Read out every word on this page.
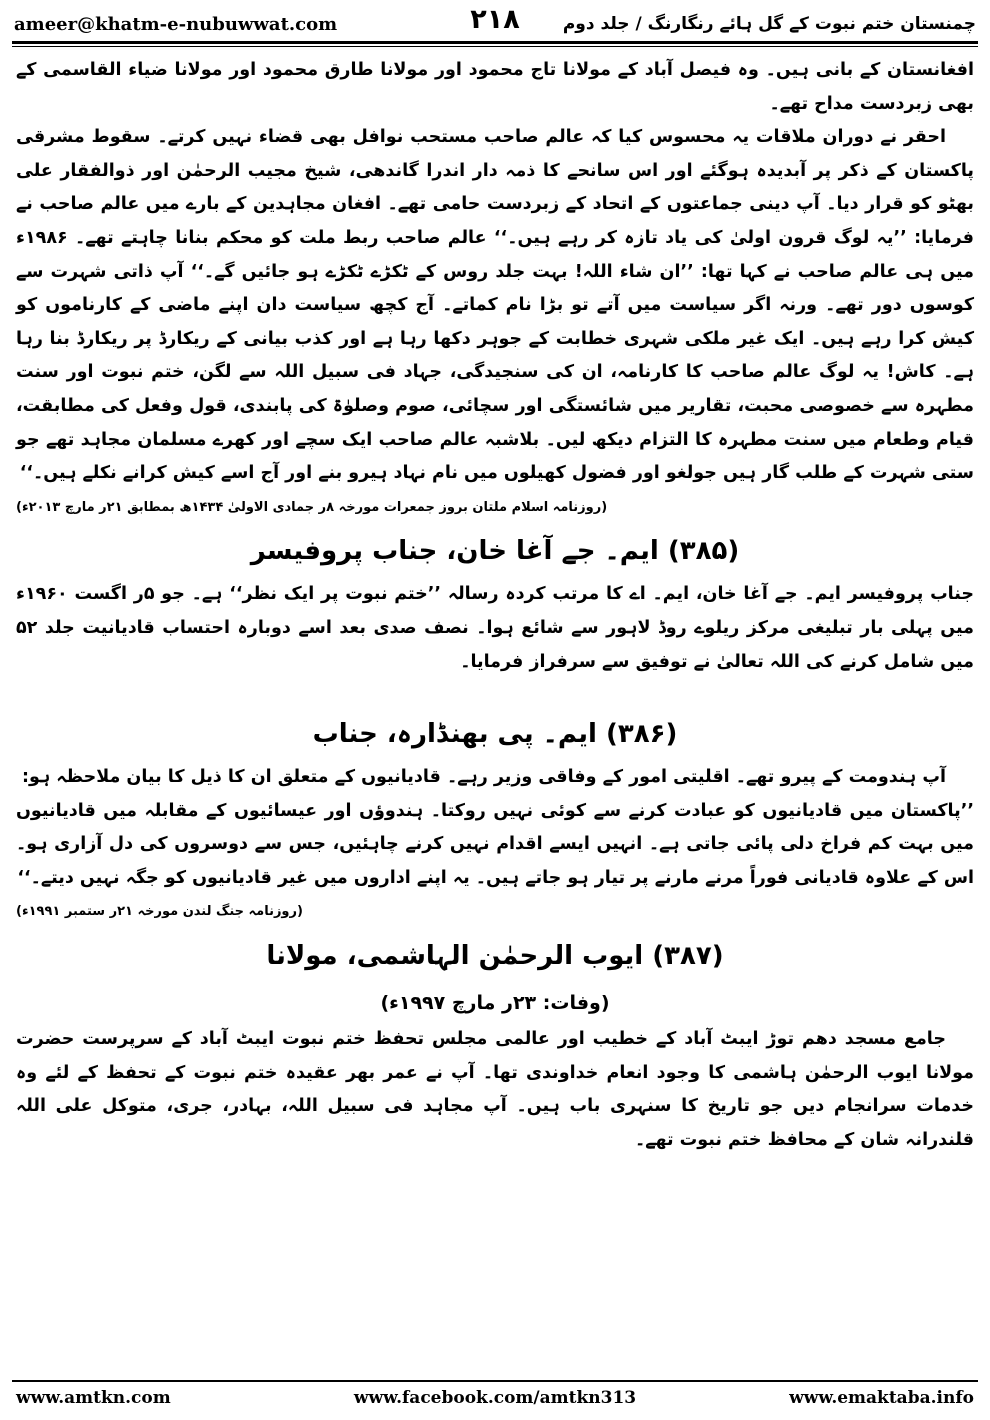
ameer@khatm-e-nubuwwat.com	۲۱۸	چمنستان ختم نبوت کے گل ہائے رنگارنگ / جلد دوم

افغانستان کے بانی ہیں۔ وہ فیصل آباد کے مولانا تاج محمود اور مولانا طارق محمود اور مولانا ضیاء القاسمی کے بھی زبردست مداح تھے۔

احقر نے دوران ملاقات یہ محسوس کیا کہ عالم صاحب مستحب نوافل بھی قضاء نہیں کرتے۔ سقوط مشرقی پاکستان کے ذکر پر آبدیدہ ہوگئے اور اس سانحے کا ذمہ دار اندرا گاندھی، شیخ مجیب الرحمٰن اور ذوالفقار علی بھٹو کو قرار دیا۔ آپ دینی جماعتوں کے اتحاد کے زبردست حامی تھے۔ افغان مجاہدین کے بارے میں عالم صاحب نے فرمایا: ’’یہ لوگ قرون اولیٰ کی یاد تازہ کر رہے ہیں۔‘‘ عالم صاحب ربط ملت کو محکم بنانا چاہتے تھے۔ ۱۹۸۶ء میں ہی عالم صاحب نے کہا تھا: ’’ان شاء اللہ! بہت جلد روس کے ٹکڑے ٹکڑے ہو جائیں گے۔‘‘ آپ ذاتی شہرت سے کوسوں دور تھے۔ ورنہ اگر سیاست میں آتے تو بڑا نام کماتے۔ آج کچھ سیاست دان اپنے ماضی کے کارناموں کو کیش کرا رہے ہیں۔ ایک غیر ملکی شہری خطابت کے جوہر دکھا رہا ہے اور کذب بیانی کے ریکارڈ پر ریکارڈ بنا رہا ہے۔ کاش! یہ لوگ عالم صاحب کا کارنامہ، ان کی سنجیدگی، جہاد فی سبیل اللہ سے لگن، ختم نبوت اور سنت مطہرہ سے خصوصی محبت، تقاریر میں شائستگی اور سچائی، صوم وصلوٰۃ کی پابندی، قول وفعل کی مطابقت، قیام وطعام میں سنت مطہرہ کا التزام دیکھ لیں۔ بلاشبہ عالم صاحب ایک سچے اور کھرے مسلمان مجاہد تھے جو ستی شہرت کے طلب گار ہیں جولغو اور فضول کھیلوں میں نام نہاد ہیرو بنے اور آج اسے کیش کرانے نکلے ہیں۔‘‘

(روزنامہ اسلام ملتان بروز جمعرات مورخہ ۸ر جمادی الاولیٰ ۱۴۳۴ھ بمطابق ۲۱ر مارچ ۲۰۱۳ء)

(۳۸۵) ایم۔ جے آغا خان، جناب پروفیسر

جناب پروفیسر ایم۔ جے آغا خان، ایم۔ اے کا مرتب کردہ رسالہ ’’ختم نبوت پر ایک نظر‘‘ ہے۔ جو ۵ر اگست ۱۹۶۰ء میں پہلی بار تبلیغی مرکز ریلوے روڈ لاہور سے شائع ہوا۔ نصف صدی بعد اسے دوبارہ احتساب قادیانیت جلد ۵۲ میں شامل کرنے کی اللہ تعالیٰ نے توفیق سے سرفراز فرمایا۔

(۳۸۶) ایم۔ پی بھنڈارہ، جناب

آپ ہندومت کے پیرو تھے۔ اقلیتی امور کے وفاقی وزیر رہے۔ قادیانیوں کے متعلق ان کا ذیل کا بیان ملاحظہ ہو:

’’پاکستان میں قادیانیوں کو عبادت کرنے سے کوئی نہیں روکتا۔ ہندوؤں اور عیسائیوں کے مقابلہ میں قادیانیوں میں بہت کم فراخ دلی پائی جاتی ہے۔ انہیں ایسے اقدام نہیں کرنے چاہئیں، جس سے دوسروں کی دل آزاری ہو۔ اس کے علاوہ قادیانی فوراً مرنے مارنے پر تیار ہو جاتے ہیں۔ یہ اپنے اداروں میں غیر قادیانیوں کو جگہ نہیں دیتے۔‘‘

(روزنامہ جنگ لندن مورخہ ۲۱ر ستمبر ۱۹۹۱ء)

(۳۸۷) ایوب الرحمٰن الہاشمی، مولانا
(وفات: ۲۳ر مارچ ۱۹۹۷ء)

جامع مسجد دھم توڑ ایبٹ آباد کے خطیب اور عالمی مجلس تحفظ ختم نبوت ایبٹ آباد کے سرپرست حضرت مولانا ایوب الرحمٰن ہاشمی کا وجود انعام خداوندی تھا۔ آپ نے عمر بھر عقیدہ ختم نبوت کے تحفظ کے لئے وہ خدمات سرانجام دیں جو تاریخ کا سنہری باب ہیں۔ آپ مجاہد فی سبیل اللہ، بہادر، جری، متوکل علی اللہ قلندرانہ شان کے محافظ ختم نبوت تھے۔

www.amtkn.com	www.facebook.com/amtkn313	www.emaktaba.info
